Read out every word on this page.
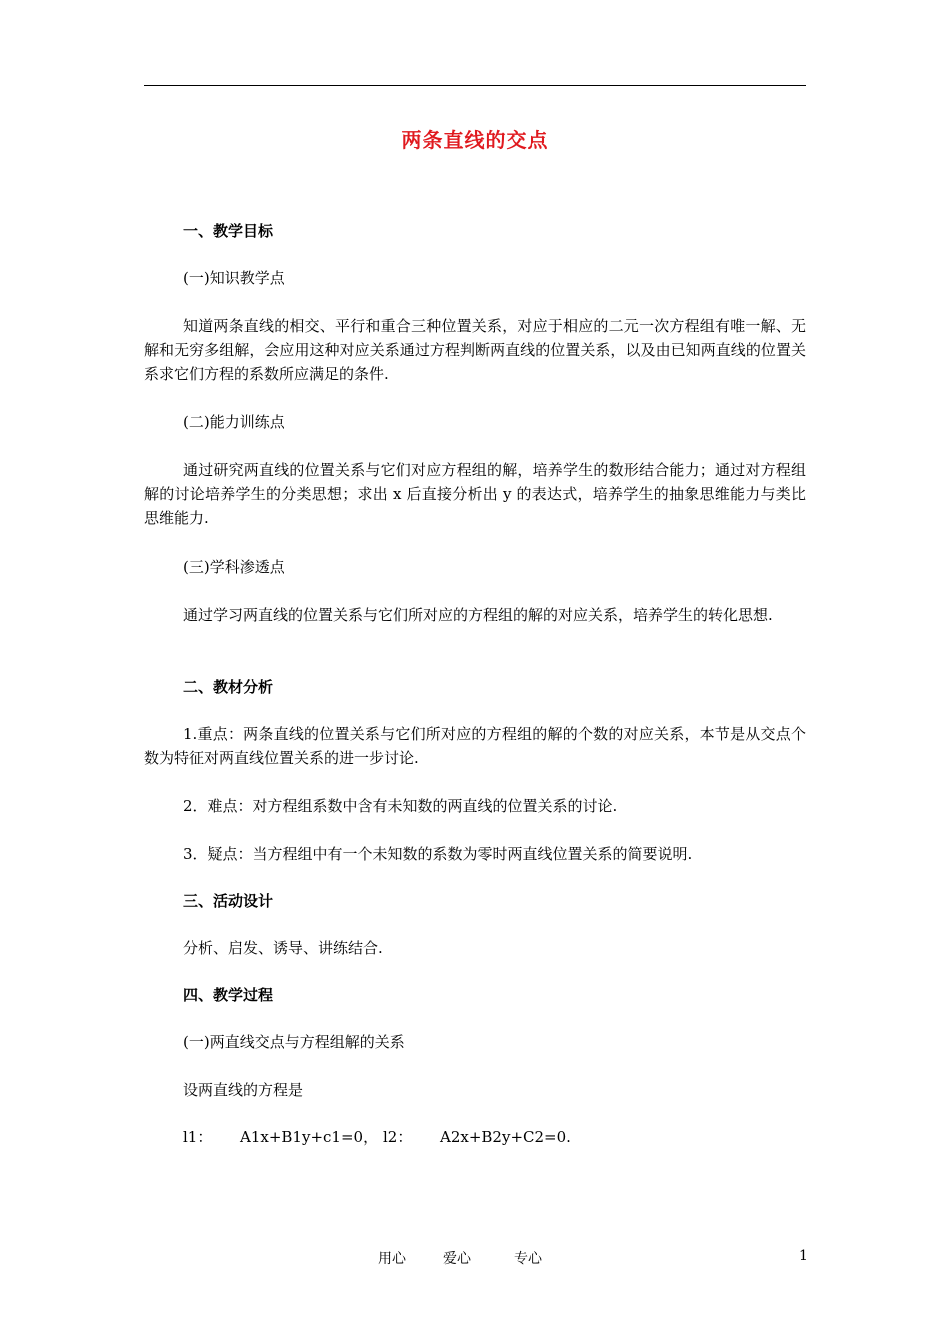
两条直线的交点
一、教学目标
(一)知识教学点
知道两条直线的相交、平行和重合三种位置关系，对应于相应的二元一次方程组有唯一解、无解和无穷多组解，会应用这种对应关系通过方程判断两直线的位置关系，以及由已知两直线的位置关系求它们方程的系数所应满足的条件.
(二)能力训练点
通过研究两直线的位置关系与它们对应方程组的解，培养学生的数形结合能力；通过对方程组解的讨论培养学生的分类思想；求出 x 后直接分析出 y 的表达式，培养学生的抽象思维能力与类比思维能力.
(三)学科渗透点
通过学习两直线的位置关系与它们所对应的方程组的解的对应关系，培养学生的转化思想.
二、教材分析
1.重点：两条直线的位置关系与它们所对应的方程组的解的个数的对应关系，本节是从交点个数为特征对两直线位置关系的进一步讨论.
2．难点：对方程组系数中含有未知数的两直线的位置关系的讨论.
3．疑点：当方程组中有一个未知数的系数为零时两直线位置关系的简要说明.
三、活动设计
分析、启发、诱导、讲练结合.
四、教学过程
(一)两直线交点与方程组解的关系
设两直线的方程是
l1： A1x+B1y+c1=0， l2： A2x+B2y+C2=0.
用心	爱心	专心	1
